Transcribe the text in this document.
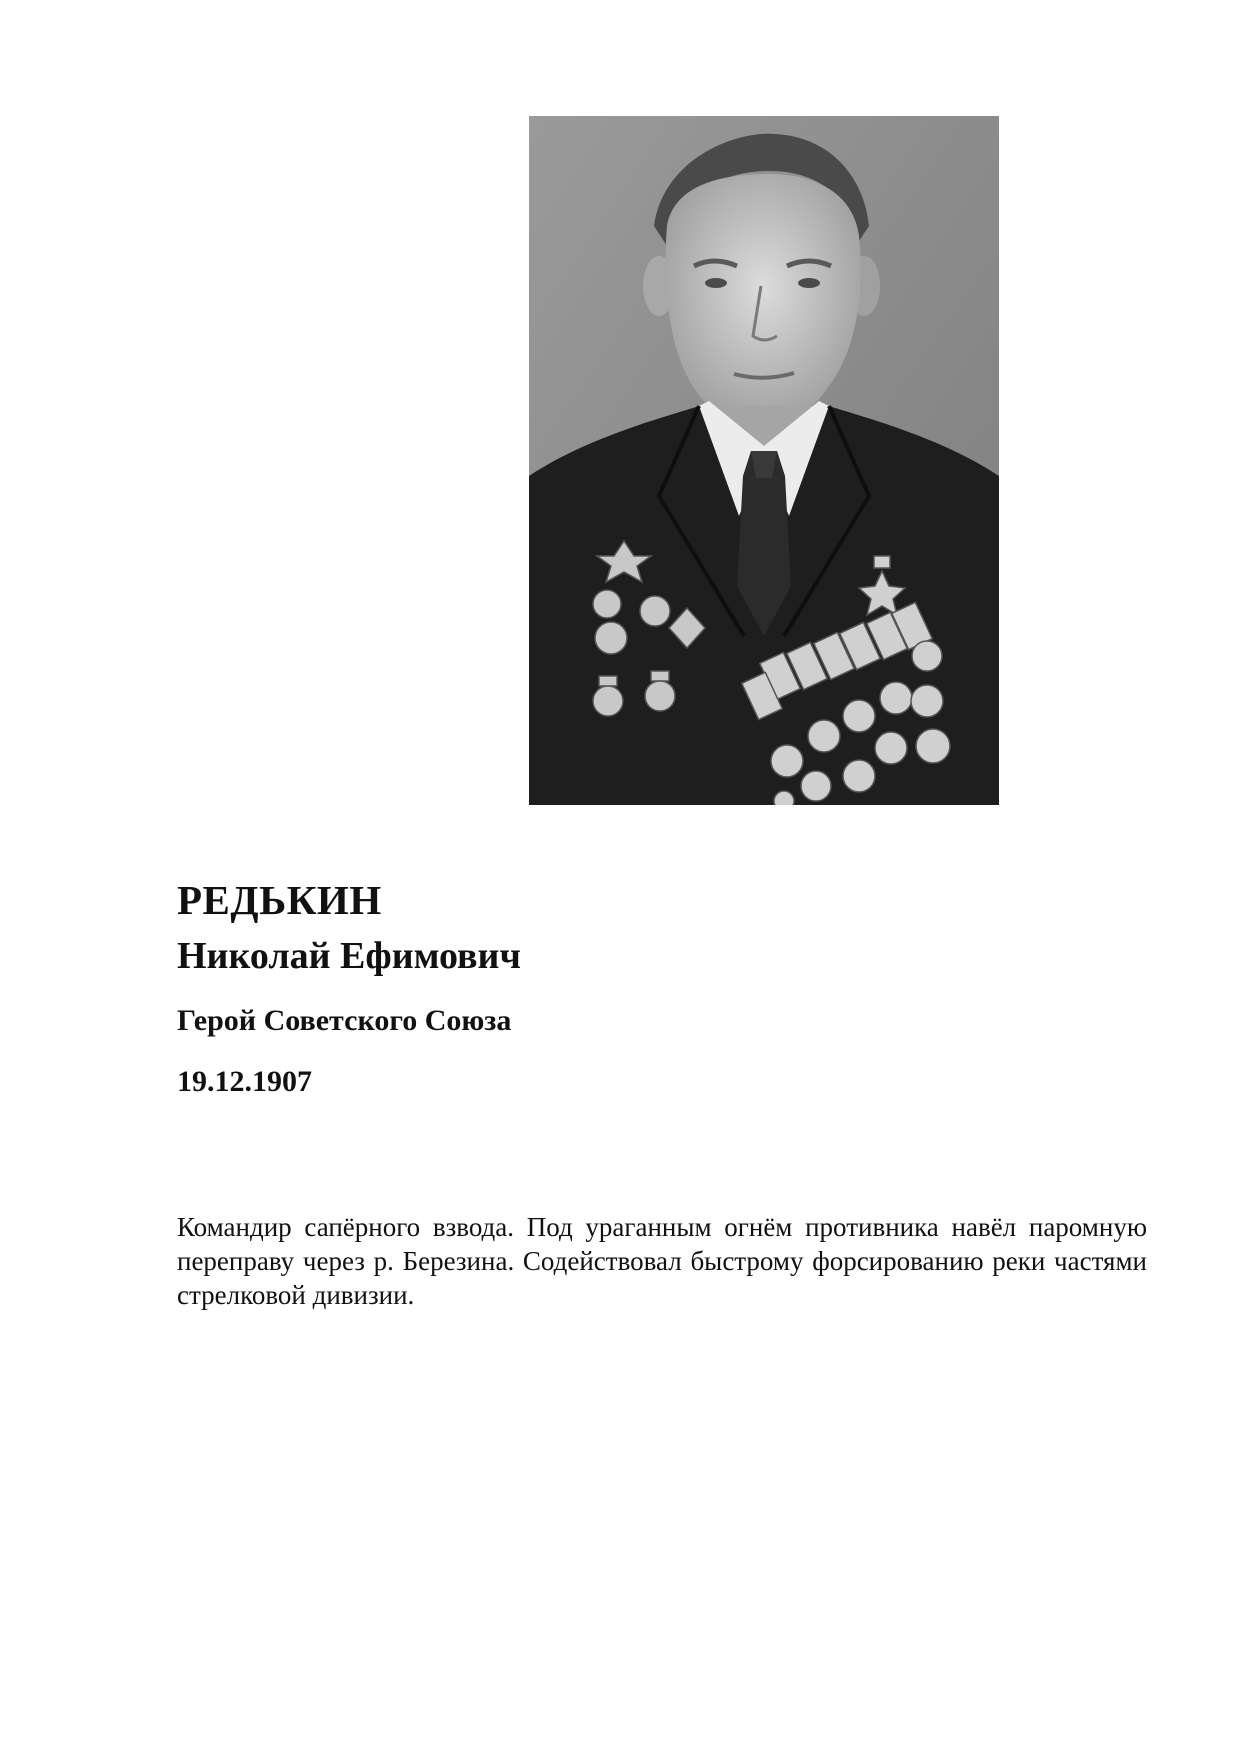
РЕДЬКИН
Николай Ефимович
Герой Советского Союза
19.12.1907
Командир сапёрного взвода. Под ураганным огнём противника навёл паромную переправу через р. Березина. Содействовал быстрому форсированию реки частями стрелковой дивизии.
